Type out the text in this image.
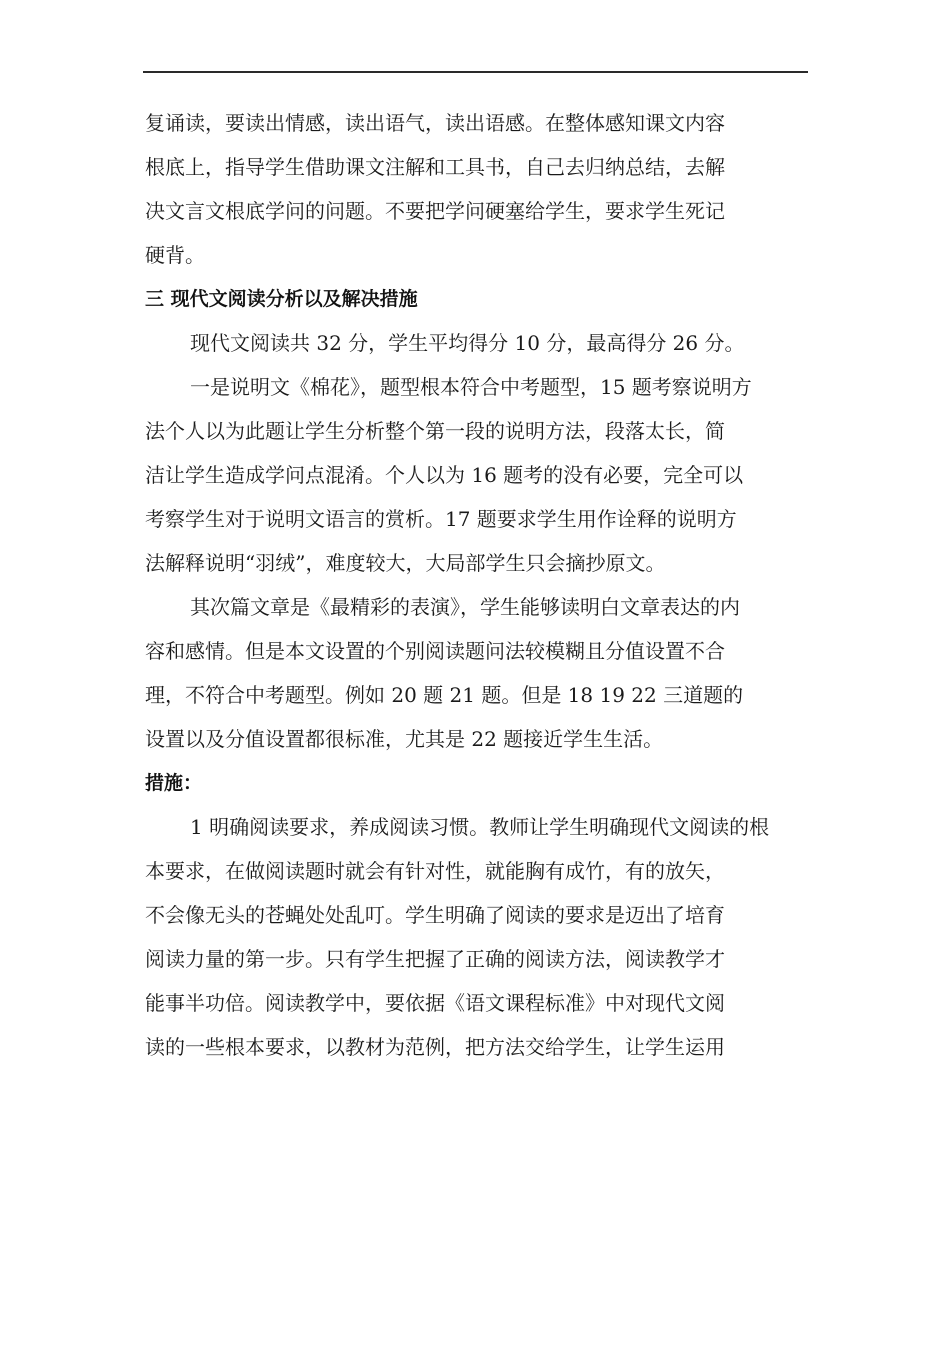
复诵读，要读出情感，读出语气，读出语感。在整体感知课文内容
根底上，指导学生借助课文注解和工具书，自己去归纳总结，去解
决文言文根底学问的问题。不要把学问硬塞给学生，要求学生死记
硬背。
三 现代文阅读分析以及解决措施
现代文阅读共 32 分，学生平均得分 10 分，最高得分 26 分。
一是说明文《棉花》，题型根本符合中考题型，15 题考察说明方
法个人以为此题让学生分析整个第一段的说明方法，段落太长，简
洁让学生造成学问点混淆。个人以为 16 题考的没有必要，完全可以
考察学生对于说明文语言的赏析。17 题要求学生用作诠释的说明方
法解释说明“羽绒”，难度较大，大局部学生只会摘抄原文。
其次篇文章是《最精彩的表演》，学生能够读明白文章表达的内
容和感情。但是本文设置的个别阅读题问法较模糊且分值设置不合
理，不符合中考题型。例如 20 题 21 题。但是 18 19 22 三道题的
设置以及分值设置都很标准，尤其是 22 题接近学生生活。
措施：
1 明确阅读要求，养成阅读习惯。教师让学生明确现代文阅读的根
本要求，在做阅读题时就会有针对性，就能胸有成竹，有的放矢，
不会像无头的苍蝇处处乱叮。学生明确了阅读的要求是迈出了培育
阅读力量的第一步。只有学生把握了正确的阅读方法，阅读教学才
能事半功倍。阅读教学中，要依据《语文课程标准》中对现代文阅
读的一些根本要求，以教材为范例，把方法交给学生，让学生运用
